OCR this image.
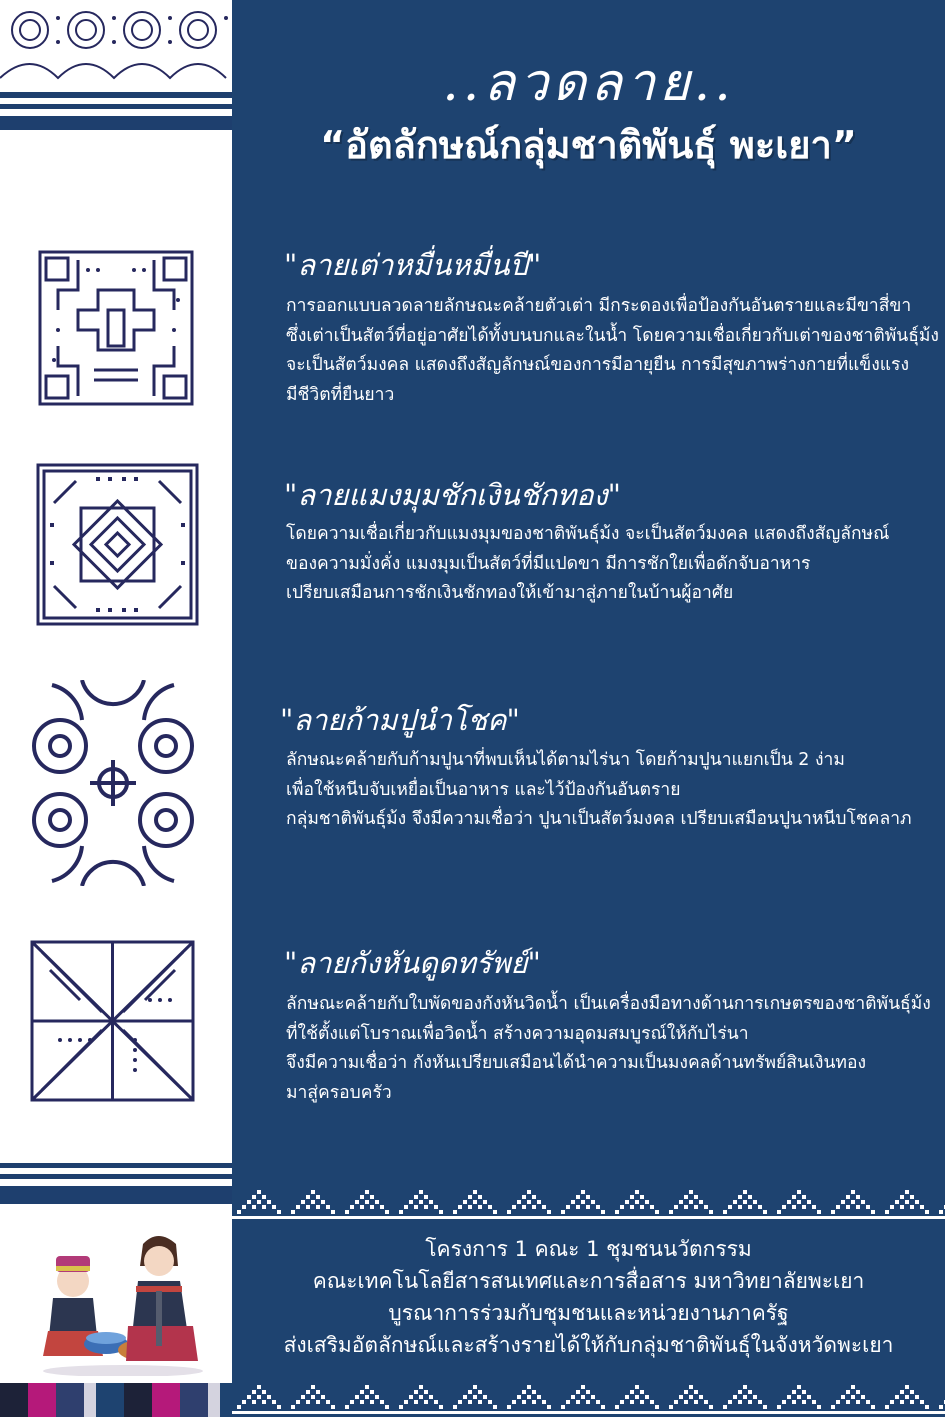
..ลวดลาย..
“อัตลักษณ์กลุ่มชาติพันธุ์ พะเยา”
"ลายเต่าหมื่นหมื่นปี"
การออกแบบลวดลายลักษณะคล้ายตัวเต่า มีกระดองเพื่อป้องกันอันตรายและมีขาสี่ขา
ซึ่งเต่าเป็นสัตว์ที่อยู่อาศัยได้ทั้งบนบกและในน้ำ โดยความเชื่อเกี่ยวกับเต่าของชาติพันธุ์ม้ง
จะเป็นสัตว์มงคล แสดงถึงสัญลักษณ์ของการมีอายุยืน การมีสุขภาพร่างกายที่แข็งแรง
มีชีวิตที่ยืนยาว
"ลายแมงมุมชักเงินชักทอง"
โดยความเชื่อเกี่ยวกับแมงมุมของชาติพันธุ์ม้ง จะเป็นสัตว์มงคล แสดงถึงสัญลักษณ์
ของความมั่งคั่ง แมงมุมเป็นสัตว์ที่มีแปดขา มีการชักใยเพื่อดักจับอาหาร
เปรียบเสมือนการชักเงินชักทองให้เข้ามาสู่ภายในบ้านผู้อาศัย
"ลายก้ามปูนำโชค"
ลักษณะคล้ายกับก้ามปูนาที่พบเห็นได้ตามไร่นา โดยก้ามปูนาแยกเป็น 2 ง่าม
เพื่อใช้หนีบจับเหยื่อเป็นอาหาร และไว้ป้องกันอันตราย
กลุ่มชาติพันธุ์ม้ง จึงมีความเชื่อว่า ปูนาเป็นสัตว์มงคล เปรียบเสมือนปูนาหนีบโชคลาภ
"ลายกังหันดูดทรัพย์"
ลักษณะคล้ายกับใบพัดของกังหันวิดน้ำ เป็นเครื่องมือทางด้านการเกษตรของชาติพันธุ์ม้ง
ที่ใช้ตั้งแต่โบราณเพื่อวิดน้ำ สร้างความอุดมสมบูรณ์ให้กับไร่นา
จึงมีความเชื่อว่า กังหันเปรียบเสมือนได้นำความเป็นมงคลด้านทรัพย์สินเงินทอง
มาสู่ครอบครัว
โครงการ 1 คณะ 1 ชุมชนนวัตกรรม
คณะเทคโนโลยีสารสนเทศและการสื่อสาร มหาวิทยาลัยพะเยา
บูรณาการร่วมกับชุมชนและหน่วยงานภาครัฐ
ส่งเสริมอัตลักษณ์และสร้างรายได้ให้กับกลุ่มชาติพันธุ์ในจังหวัดพะเยา
